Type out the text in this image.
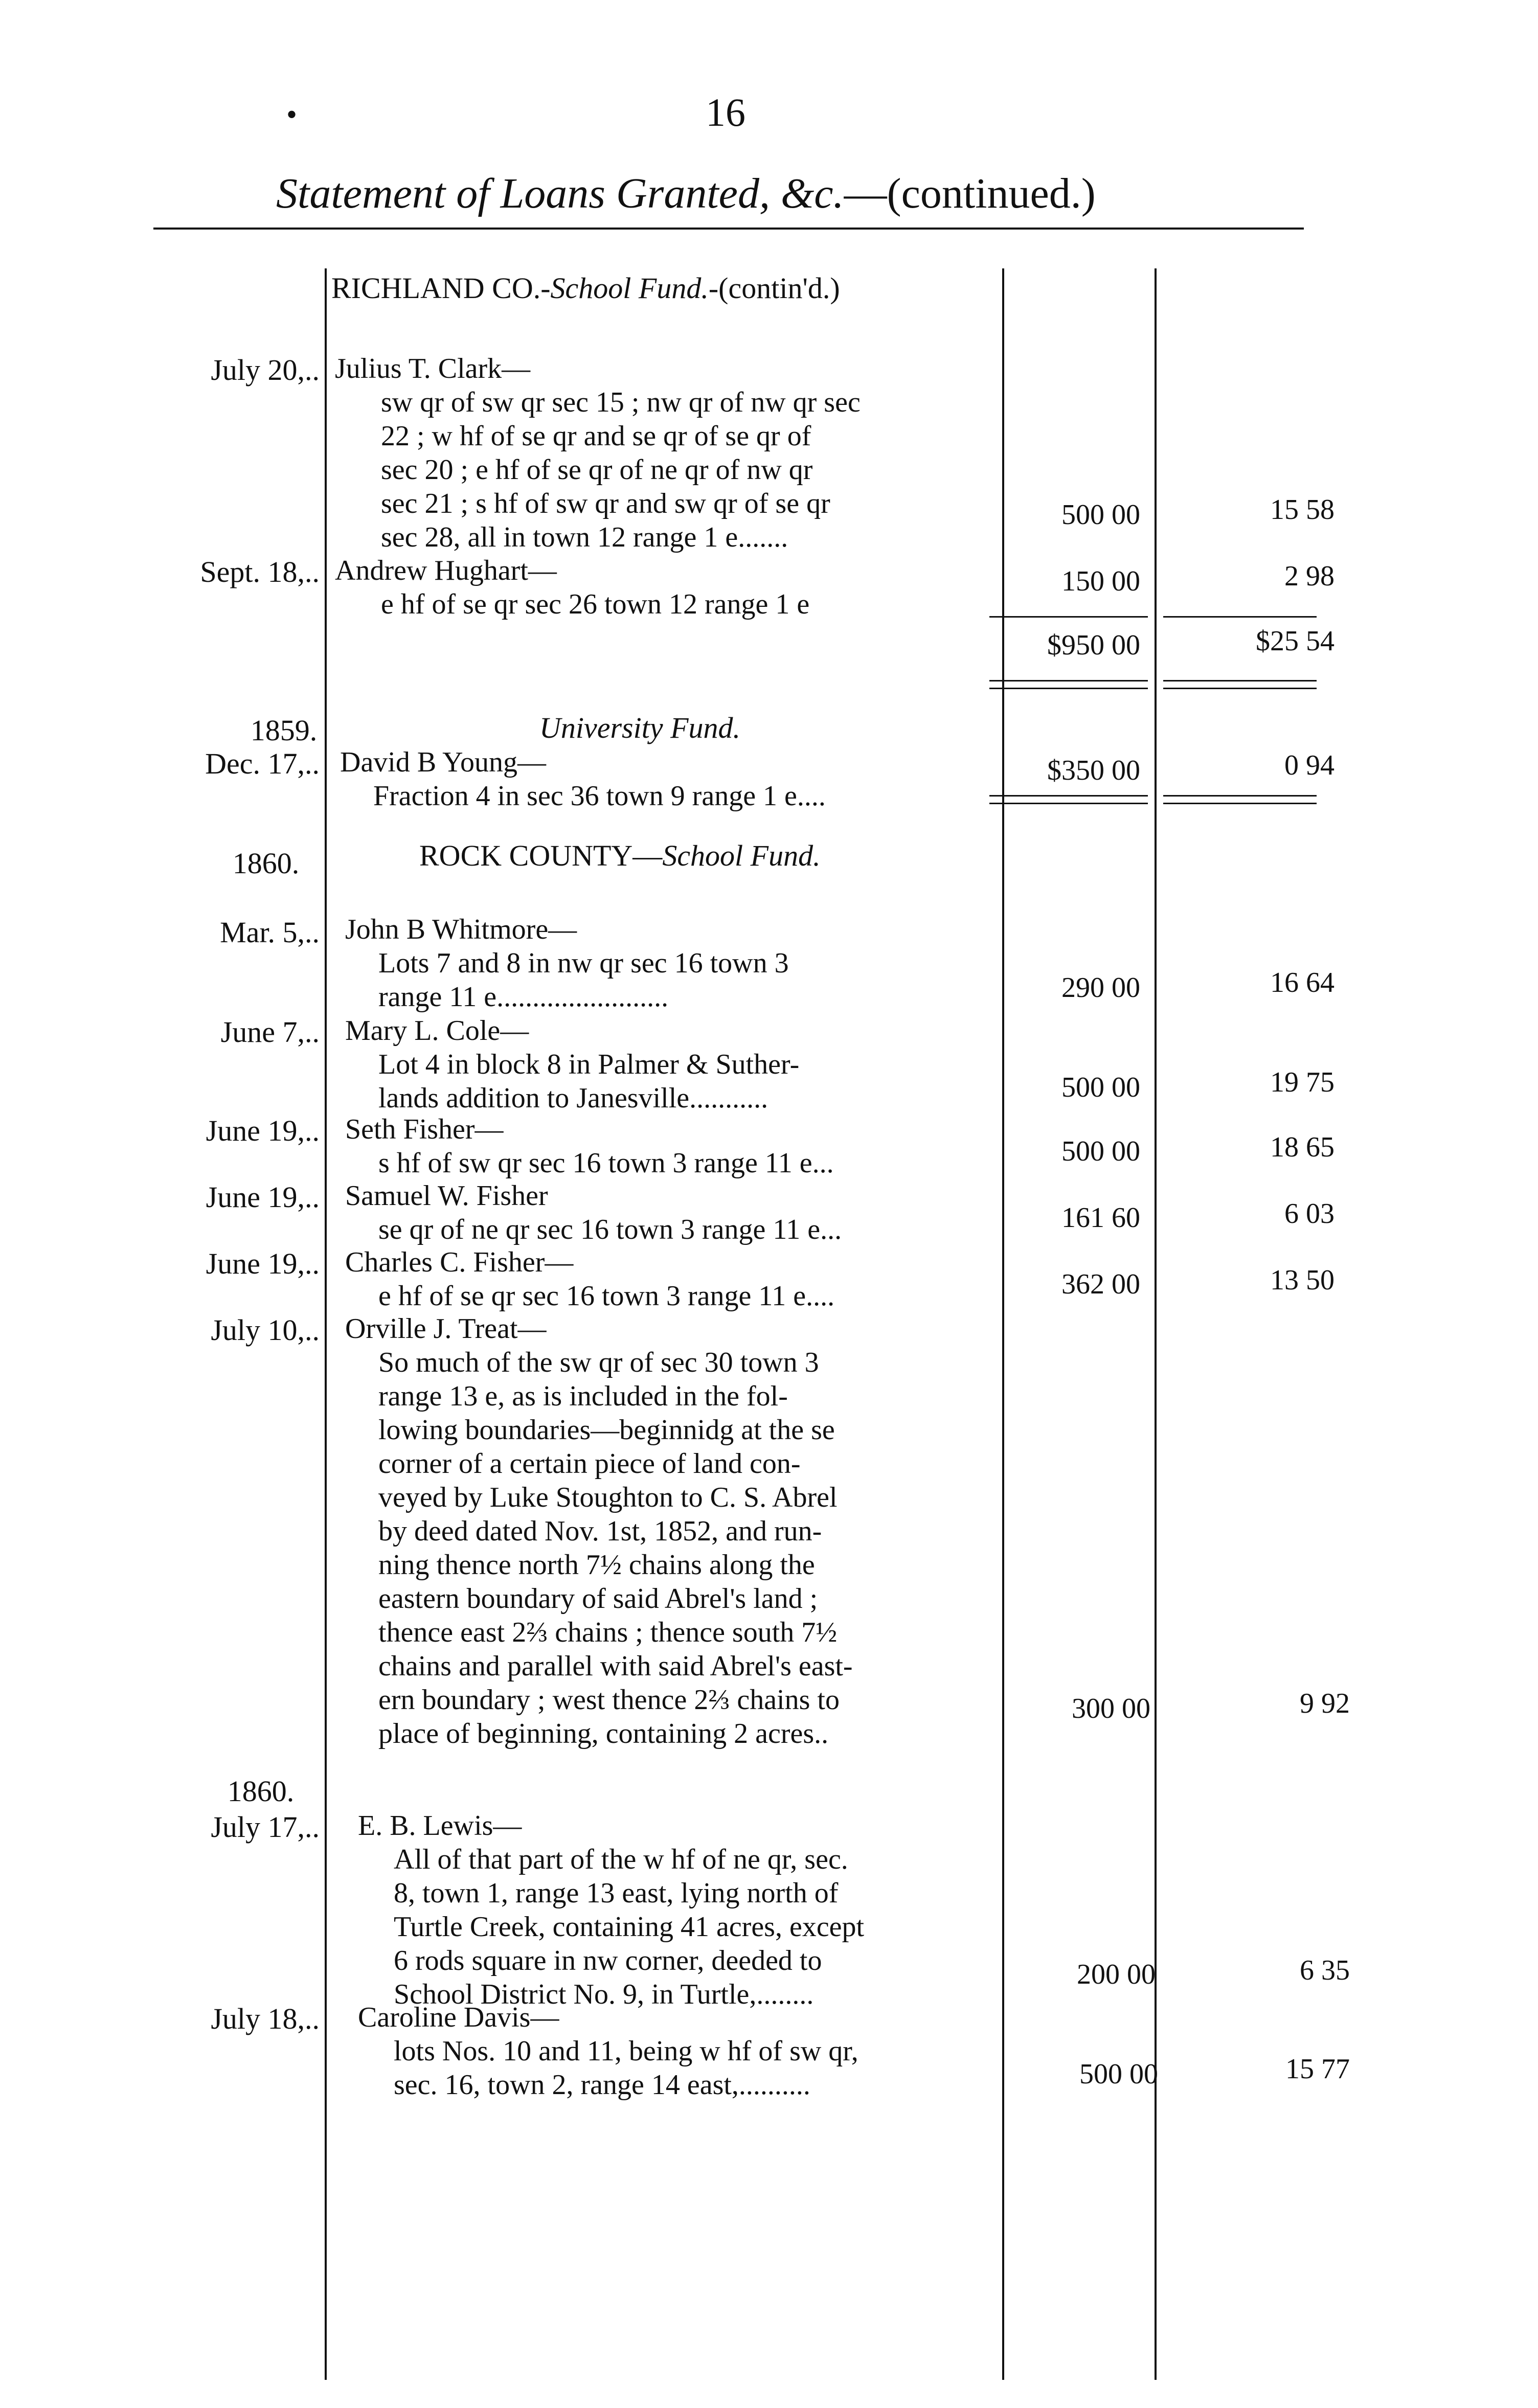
•	16
Statement of Loans Granted, &c.—(continued.)
RICHLAND CO.-School Fund.-(contin'd.)
July 20,.. Julius T. Clark—
sw qr of sw qr sec 15 ; nw qr of nw qr sec
22 ; w hf of se qr and se qr of se qr of
sec 20 ; e hf of se qr of ne qr of nw qr
sec 21 ; s hf of sw qr and sw qr of se qr
sec 28, all in town 12 range 1 e.......
500 00	15 58
Sept. 18,.. Andrew Hughart—
e hf of se qr sec 26 town 12 range 1 e
150 00	2 98
$950 00	$25 54
1859.	University Fund.
Dec. 17,.. David B Young—
Fraction 4 in sec 36 town 9 range 1 e....
$350 00	0 94
1860.	ROCK COUNTY—School Fund.
Mar. 5,.. John B Whitmore—
Lots 7 and 8 in nw qr sec 16 town 3
range 11 e........................	290 00	16 64
June 7,.. Mary L. Cole—
Lot 4 in block 8 in Palmer & Suther-
lands addition to Janesville...........	500 00	19 75
June 19,.. Seth Fisher—
s hf of sw qr sec 16 town 3 range 11 e...	500 00	18 65
June 19,.. Samuel W. Fisher
se qr of ne qr sec 16 town 3 range 11 e...	161 60	6 03
June 19,.. Charles C. Fisher—
e hf of se qr sec 16 town 3 range 11 e....	362 00	13 50
July 10,.. Orville J. Treat—
So much of the sw qr of sec 30 town 3
range 13 e, as is included in the fol-
lowing boundaries—beginnidg at the se
corner of a certain piece of land con-
veyed by Luke Stoughton to C. S. Abrel
by deed dated Nov. 1st, 1852, and run-
ning thence north 7½ chains along the
eastern boundary of said Abrel's land ;
thence east 2⅔ chains ; thence south 7½
chains and parallel with said Abrel's east-
ern boundary ; west thence 2⅔ chains to
place of beginning, containing 2 acres..
300 00	9 92
1860.
July 17,.. E. B. Lewis—
All of that part of the w hf of ne qr, sec.
8, town 1, range 13 east, lying north of
Turtle Creek, containing 41 acres, except
6 rods square in nw corner, deeded to
School District No. 9, in Turtle,........
200 00	6 35
July 18,.. Caroline Davis—
lots Nos. 10 and 11, being w hf of sw qr,
sec. 16, town 2, range 14 east,..........	500 00	15 77
